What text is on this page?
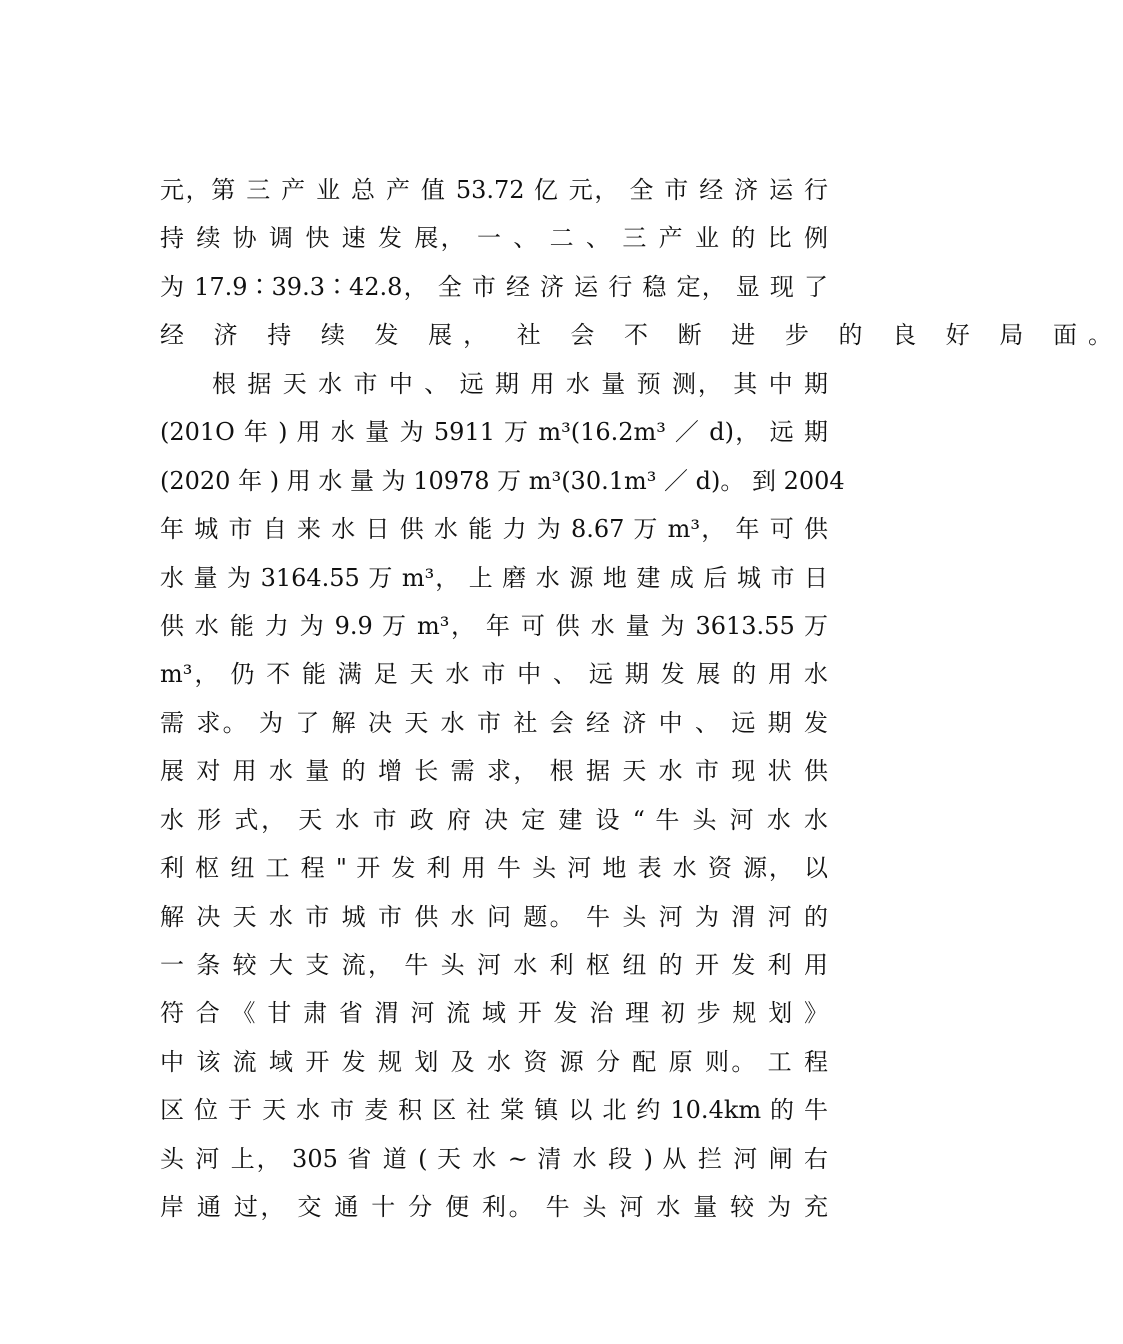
元，第 三 产 业 总 产 值 53.72 亿 元， 全 市 经 济 运 行
持 续 协 调 快 速 发 展， 一 、 二 、 三 产 业 的 比 例
为 17.9∶39.3∶42.8， 全 市 经 济 运 行 稳 定， 显 现 了
经 济 持 续 发 展， 社 会 不 断 进 步 的 良 好 局 面。
根 据 天 水 市 中 、 远 期 用 水 量 预 测， 其 中 期
(201O 年 ) 用 水 量 为 5911 万 m³(16.2m³ ／ d)， 远 期
(2020 年 ) 用 水 量 为 10978 万 m³(30.1m³ ／ d)。 到 2004
年 城 市 自 来 水 日 供 水 能 力 为 8.67 万 m³， 年 可 供
水 量 为 3164.55 万 m³， 上 磨 水 源 地 建 成 后 城 市 日
供 水 能 力 为 9.9 万 m³， 年 可 供 水 量 为 3613.55 万
m³， 仍 不 能 满 足 天 水 市 中 、 远 期 发 展 的 用 水
需 求。 为 了 解 决 天 水 市 社 会 经 济 中 、 远 期 发
展 对 用 水 量 的 增 长 需 求， 根 据 天 水 市 现 状 供
水 形 式， 天 水 市 政 府 决 定 建 设 “ 牛 头 河 水 水
利 枢 纽 工 程 " 开 发 利 用 牛 头 河 地 表 水 资 源， 以
解 决 天 水 市 城 市 供 水 问 题。 牛 头 河 为 渭 河 的
一 条 较 大 支 流， 牛 头 河 水 利 枢 纽 的 开 发 利 用
符 合 《 甘 肃 省 渭 河 流 域 开 发 治 理 初 步 规 划 》
中 该 流 域 开 发 规 划 及 水 资 源 分 配 原 则。 工 程
区 位 于 天 水 市 麦 积 区 社 棠 镇 以 北 约 10.4km 的 牛
头 河 上， 305 省 道 ( 天 水 ~ 清 水 段 ) 从 拦 河 闸 右
岸 通 过， 交 通 十 分 便 利。 牛 头 河 水 量 较 为 充
